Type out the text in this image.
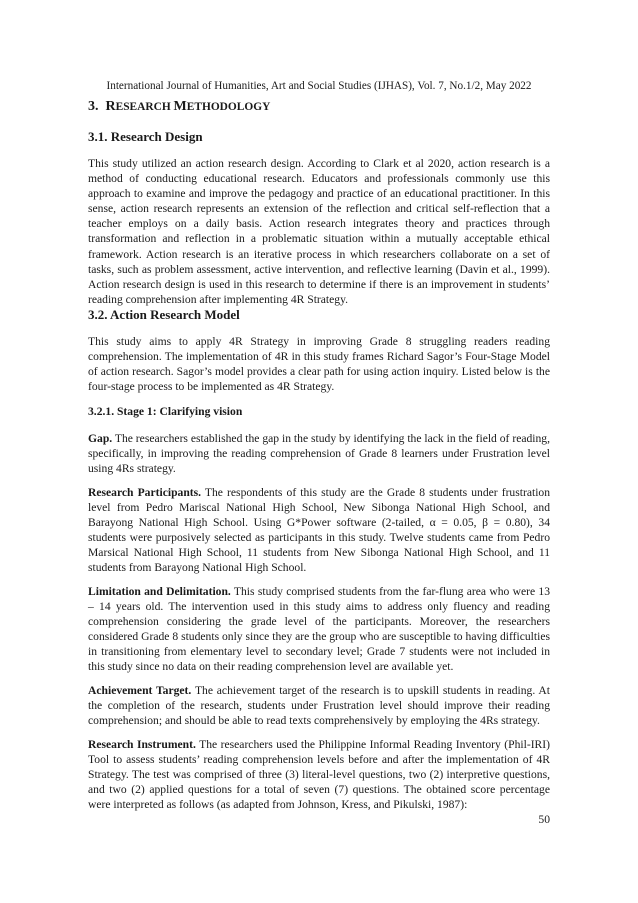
International Journal of Humanities, Art and Social Studies (IJHAS), Vol. 7, No.1/2, May 2022
3. RESEARCH METHODOLOGY
3.1. Research Design

This study utilized an action research design. According to Clark et al 2020, action research is a method of conducting educational research. Educators and professionals commonly use this approach to examine and improve the pedagogy and practice of an educational practitioner. In this sense, action research represents an extension of the reflection and critical self-reflection that a teacher employs on a daily basis. Action research integrates theory and practices through transformation and reflection in a problematic situation within a mutually acceptable ethical framework. Action research is an iterative process in which researchers collaborate on a set of tasks, such as problem assessment, active intervention, and reflective learning (Davin et al., 1999). Action research design is used in this research to determine if there is an improvement in students’ reading comprehension after implementing 4R Strategy.

3.2. Action Research Model

This study aims to apply 4R Strategy in improving Grade 8 struggling readers reading comprehension. The implementation of 4R in this study frames Richard Sagor’s Four-Stage Model of action research. Sagor’s model provides a clear path for using action inquiry. Listed below is the four-stage process to be implemented as 4R Strategy.

3.2.1. Stage 1: Clarifying vision

Gap. The researchers established the gap in the study by identifying the lack in the field of reading, specifically, in improving the reading comprehension of Grade 8 learners under Frustration level using 4Rs strategy.

Research Participants. The respondents of this study are the Grade 8 students under frustration level from Pedro Mariscal National High School, New Sibonga National High School, and Barayong National High School. Using G*Power software (2-tailed, α = 0.05, β = 0.80), 34 students were purposively selected as participants in this study. Twelve students came from Pedro Marsical National High School, 11 students from New Sibonga National High School, and 11 students from Barayong National High School.

Limitation and Delimitation. This study comprised students from the far-flung area who were 13 – 14 years old. The intervention used in this study aims to address only fluency and reading comprehension considering the grade level of the participants. Moreover, the researchers considered Grade 8 students only since they are the group who are susceptible to having difficulties in transitioning from elementary level to secondary level; Grade 7 students were not included in this study since no data on their reading comprehension level are available yet.

Achievement Target. The achievement target of the research is to upskill students in reading. At the completion of the research, students under Frustration level should improve their reading comprehension; and should be able to read texts comprehensively by employing the 4Rs strategy.

Research Instrument. The researchers used the Philippine Informal Reading Inventory (Phil-IRI) Tool to assess students’ reading comprehension levels before and after the implementation of 4R Strategy. The test was comprised of three (3) literal-level questions, two (2) interpretive questions, and two (2) applied questions for a total of seven (7) questions. The obtained score percentage were interpreted as follows (as adapted from Johnson, Kress, and Pikulski, 1987):

50
